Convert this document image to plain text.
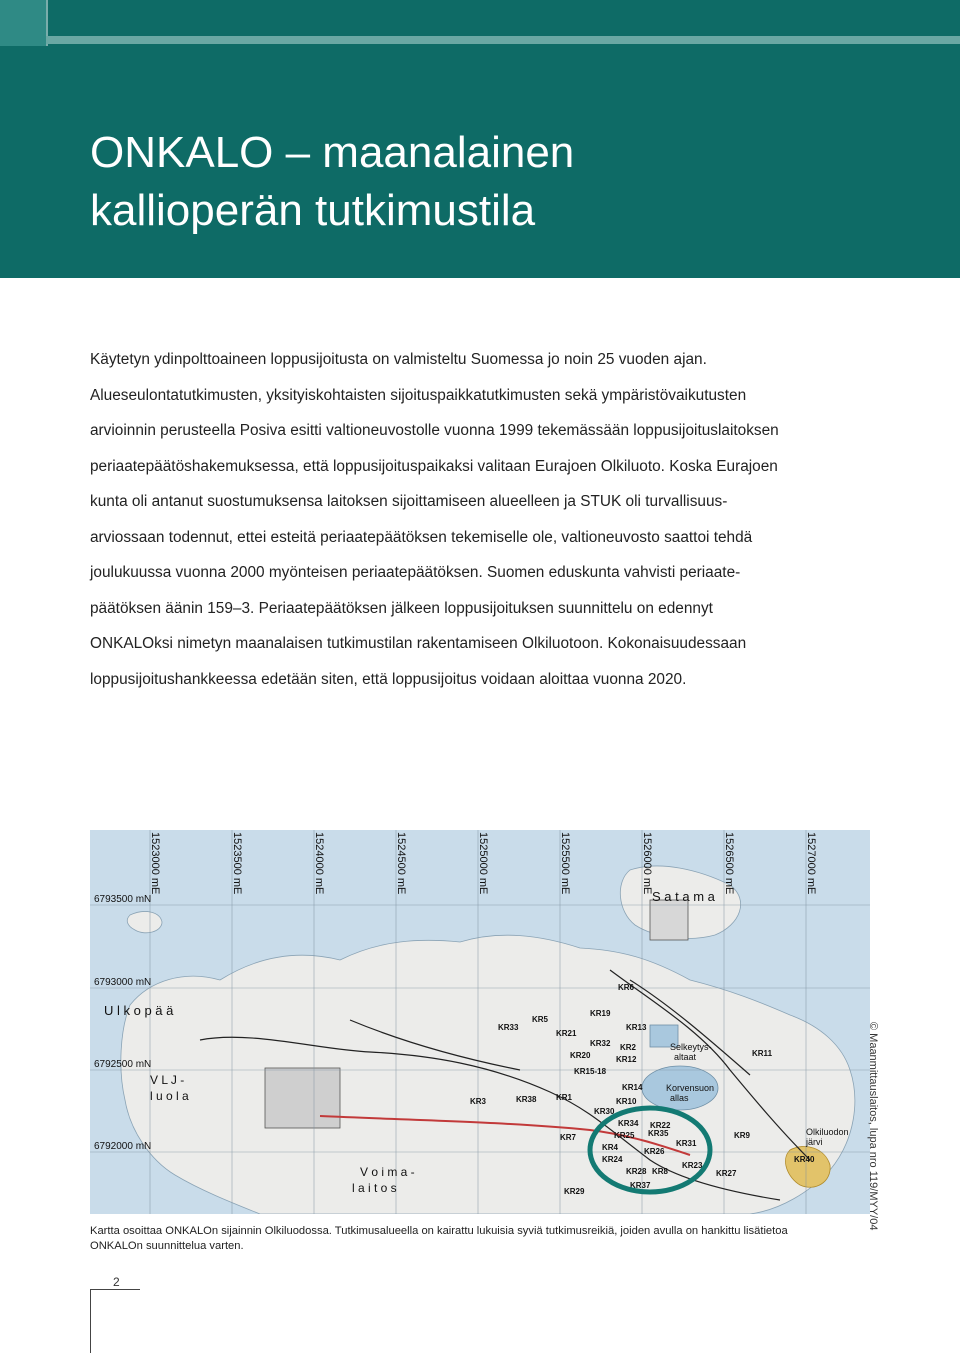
ONKALO – maanalainen
kallioperän tutkimustila
Käytetyn ydinpolttoaineen loppusijoitusta on valmisteltu Suomessa jo noin 25 vuoden ajan.
Alueseulontatutkimusten, yksityiskohtaisten sijoituspaikkatutkimusten sekä ympäristövaikutusten
arvioinnin perusteella Posiva esitti valtioneuvostolle vuonna 1999 tekemässään loppusijoituslaitoksen
periaatepäätöshakemuksessa, että loppusijoituspaikaksi valitaan Eurajoen Olkiluoto. Koska Eurajoen
kunta oli antanut suostumuksensa laitoksen sijoittamiseen alueelleen ja STUK oli turvallisuus-
arviossaan todennut, ettei esteitä periaatepäätöksen tekemiselle ole, valtioneuvosto saattoi tehdä
joulukuussa vuonna 2000 myönteisen periaatepäätöksen. Suomen eduskunta vahvisti periaate-
päätöksen äänin 159–3. Periaatepäätöksen jälkeen loppusijoituksen suunnittelu on edennyt
ONKALOksi nimetyn maanalaisen tutkimustilan rakentamiseen Olkiluotoon. Kokonaisuudessaan
loppusijoitushankkeessa edetään siten, että loppusijoitus voidaan aloittaa vuonna 2020.
1523000 mE	1523500 mE	1524000 mE	1524500 mE	1525000 mE	1525500 mE	1526000 mE	1526500 mE	1527000 mE
6793500 mN
6793000 mN
6792500 mN
6792000 mN
S a t a m a
U l k o p ä ä
V L J -
l u o l a
V o i m a -
l a i t o s
Selkeytys-
altaat
Korvensuon
allas
Olkiluodon
järvi
KR6
KR5
KR19
KR33
KR21
KR13
KR32 KR2
KR20	KR12
KR11
KR15-18
KR14
KR3	KR38 KR1	KR10
KR30
KR34
KR35
KR25
KR22
KR31
KR9
KR7
KR4	KR26
KR24
KR23
KR8
KR28	KR27
KR40
KR37
KR29	© Maanmittauslaitos, lupa nro 119/MYY/04

Kartta osoittaa ONKALOn sijainnin Olkiluodossa. Tutkimusalueella on kairattu lukuisia syviä tutkimusreikiä, joiden avulla on hankittu lisätietoa
ONKALOn suunnittelua varten.

2
